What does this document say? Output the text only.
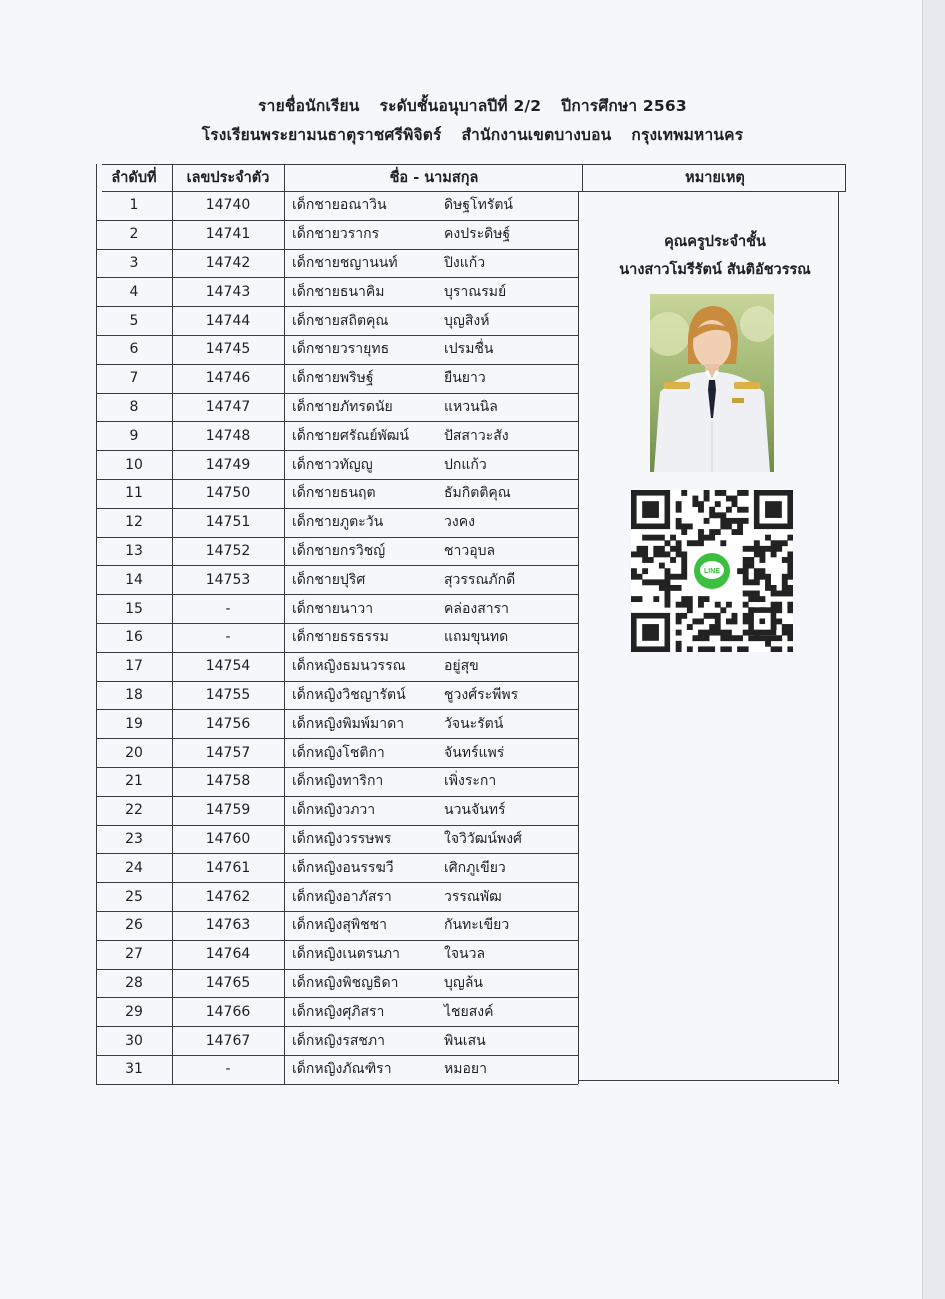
รายชื่อนักเรียน ระดับชั้นอนุบาลปีที่ 2/2 ปีการศึกษา 2563
โรงเรียนพระยามนธาตุราชศรีพิจิตร์ สำนักงานเขตบางบอน กรุงเทพมหานคร
ลำดับที่	เลขประจำตัว	ชื่อ - นามสกุล	หมายเหตุ
1	14740	เด็กชายอณาวิน	ดิษฐโทรัตน์
2	14741	เด็กชายวรากร	คงประดิษฐ์
3	14742	เด็กชายชญานนท์	ปิงแก้ว
4	14743	เด็กชายธนาคิม	บุราณรมย์
5	14744	เด็กชายสถิตคุณ	บุญสิงห์
6	14745	เด็กชายวรายุทธ	เปรมชื่น
7	14746	เด็กชายพริษฐ์	ยืนยาว
8	14747	เด็กชายภัทรดนัย	แหวนนิล
9	14748	เด็กชายศรัณย์พัฒน์	ปัสสาวะสัง
10	14749	เด็กชาวทัญญู	ปกแก้ว
11	14750	เด็กชายธนฤต	ธัมกิตติคุณ
12	14751	เด็กชายภูตะวัน	วงคง
13	14752	เด็กชายกรวิชญ์	ชาวอุบล
14	14753	เด็กชายปุริศ	สุวรรณภักดี
15	-	เด็กชายนาวา	คล่องสารา
16	-	เด็กชายธรธรรม	แถมขุนทด
17	14754	เด็กหญิงธมนวรรณ	อยู่สุข
18	14755	เด็กหญิงวิชญารัตน์	ชูวงศ์ระพีพร
19	14756	เด็กหญิงพิมพ์มาดา	วัจนะรัตน์
20	14757	เด็กหญิงโชติกา	จันทร์แพร่
21	14758	เด็กหญิงทาริกา	เพิ่งระกา
22	14759	เด็กหญิงวภวา	นวนจันทร์
23	14760	เด็กหญิงวรรษพร	ใจวิวัฒน์พงศ์
24	14761	เด็กหญิงอนรรฆวี	เศิกภูเขียว
25	14762	เด็กหญิงอาภัสรา	วรรณพัฒ
26	14763	เด็กหญิงสุพิชชา	กันทะเขียว
27	14764	เด็กหญิงเนตรนภา	ใจนวล
28	14765	เด็กหญิงพิชญธิดา	บุญล้น
29	14766	เด็กหญิงศุภิสรา	ไชยสงค์
30	14767	เด็กหญิงรสชภา	พินเสน
31	-	เด็กหญิงภัณฑิรา	หมอยา
คุณครูประจำชั้น
นางสาวโมรีรัตน์ สันติอัชวรรณ
LINE
